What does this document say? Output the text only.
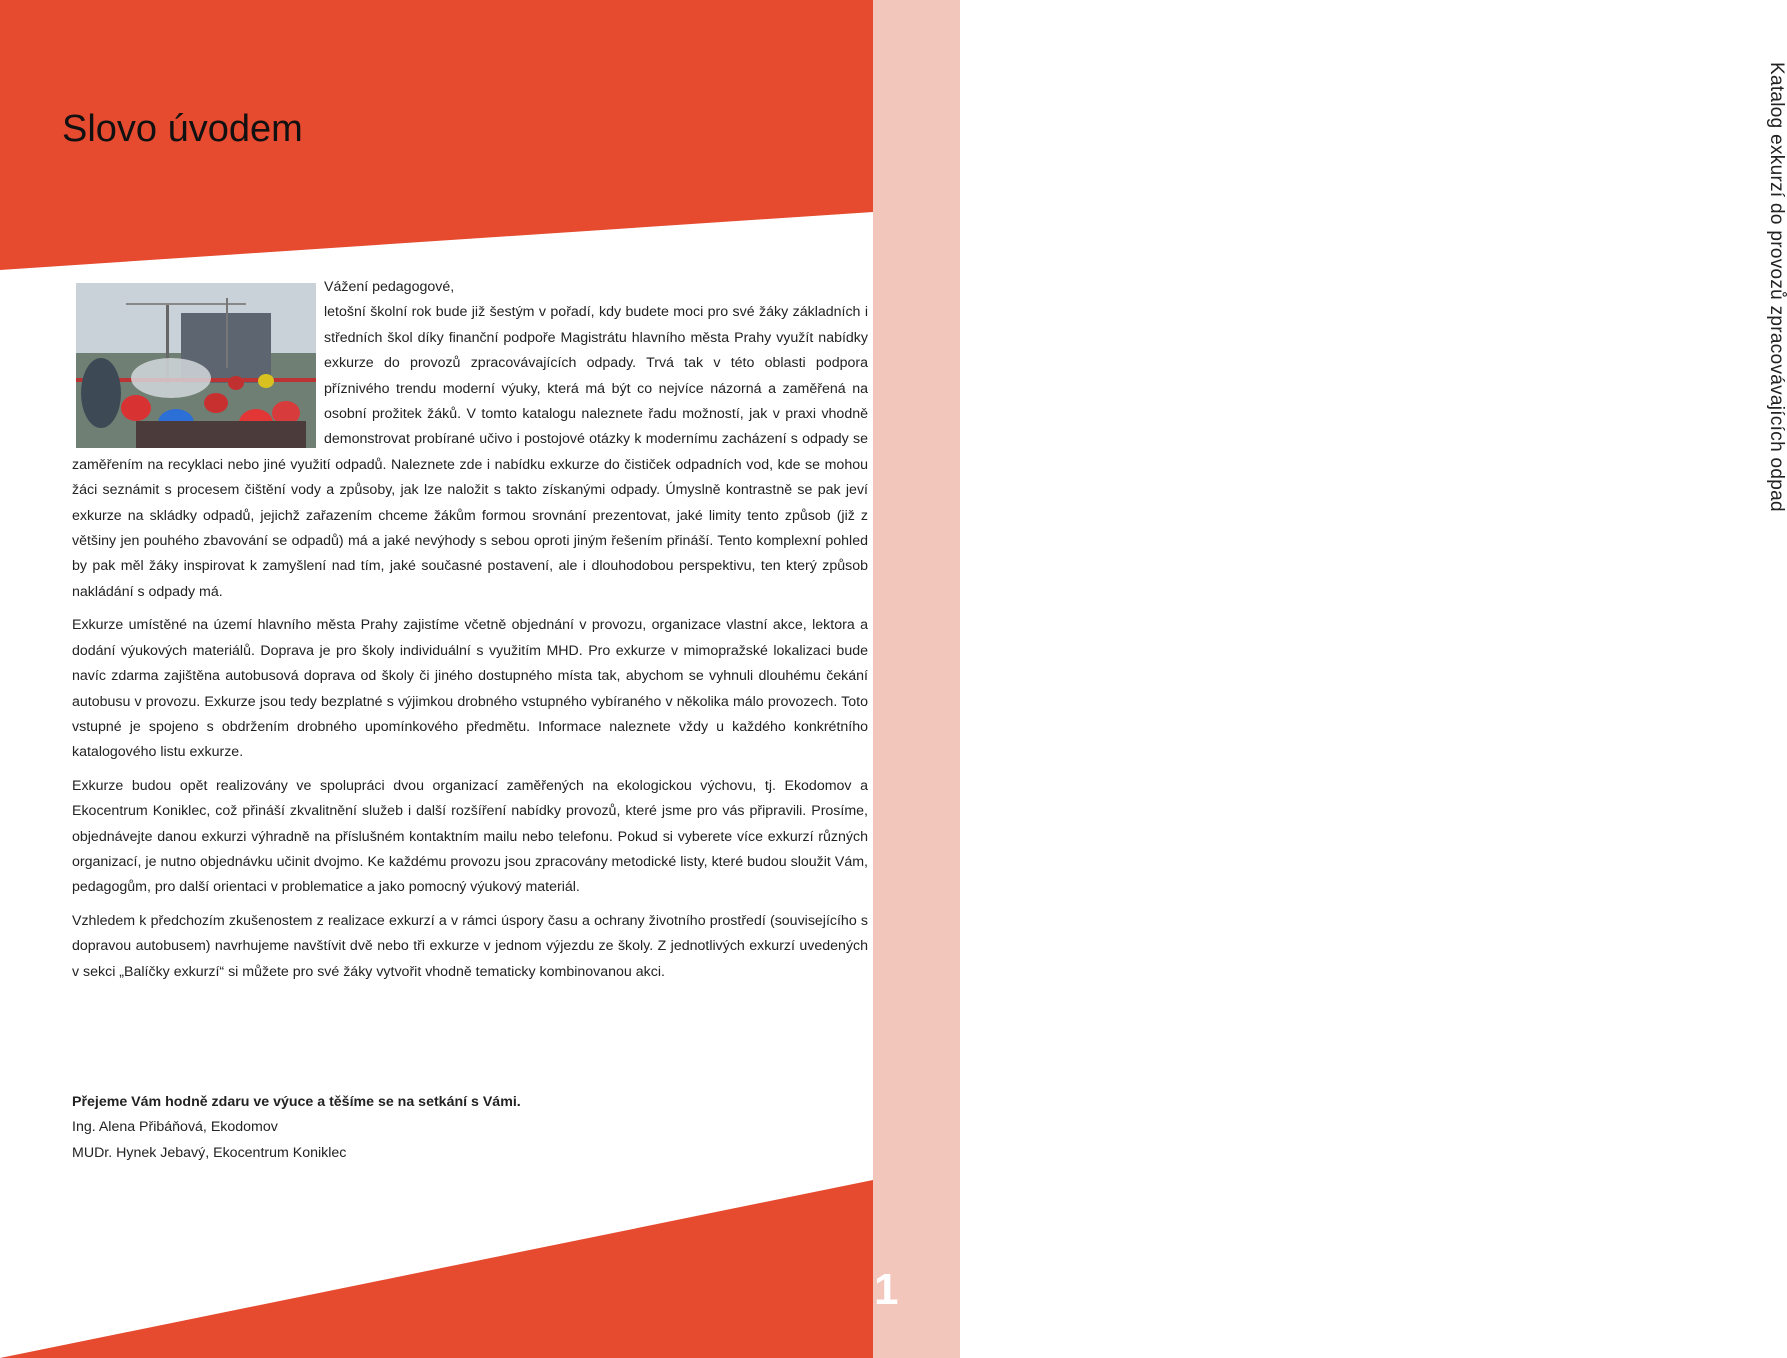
Katalog exkurzí do provozů zpracovávajících odpad
Slovo úvodem

Vážení pedagogové,
letošní školní rok bude již šestým v pořadí, kdy budete moci pro své žáky základních i středních škol díky finanční podpoře Magistrátu hlavního města Prahy využít nabídky exkurze do provozů zpracovávajících odpady. Trvá tak v této oblasti podpora příznivého trendu moderní výuky, která má být co nejvíce názorná a zaměřená na osobní prožitek žáků. V tomto katalogu naleznete řadu možností, jak v praxi vhodně demonstrovat probírané učivo i postojové otázky k modernímu zacházení s odpady se zaměřením na recyklaci nebo jiné využití odpadů. Naleznete zde i nabídku exkurze do čističek odpadních vod, kde se mohou žáci seznámit s procesem čištění vody a způsoby, jak lze naložit s takto získanými odpady. Úmyslně kontrastně se pak jeví exkurze na skládky odpadů, jejichž zařazením chceme žákům formou srovnání prezentovat, jaké limity tento způsob (již z většiny jen pouhého zbavování se odpadů) má a jaké nevýhody s sebou oproti jiným řešením přináší. Tento komplexní pohled by pak měl žáky inspirovat k zamyšlení nad tím, jaké současné postavení, ale i dlouhodobou perspektivu, ten který způsob nakládání s odpady má.

Exkurze umístěné na území hlavního města Prahy zajistíme včetně objednání v provozu, organizace vlastní akce, lektora a dodání výukových materiálů. Doprava je pro školy individuální s využitím MHD. Pro exkurze v mimopražské lokalizaci bude navíc zdarma zajištěna autobusová doprava od školy či jiného dostupného místa tak, abychom se vyhnuli dlouhému čekání autobusu v provozu. Exkurze jsou tedy bezplatné s výjimkou drobného vstupného vybíraného v několika málo provozech. Toto vstupné je spojeno s obdržením drobného upomínkového předmětu. Informace naleznete vždy u každého konkrétního katalogového listu exkurze.

Exkurze budou opět realizovány ve spolupráci dvou organizací zaměřených na ekologickou výchovu, tj. Ekodomov a Ekocentrum Koniklec, což přináší zkvalitnění služeb i další rozšíření nabídky provozů, které jsme pro vás připravili. Prosíme, objednávejte danou exkurzi výhradně na příslušném kontaktním mailu nebo telefonu. Pokud si vyberete více exkurzí různých organizací, je nutno objednávku učinit dvojmo. Ke každému provozu jsou zpracovány metodické listy, které budou sloužit Vám, pedagogům, pro další orientaci v problematice a jako pomocný výukový materiál.

Vzhledem k předchozím zkušenostem z realizace exkurzí a v rámci úspory času a ochrany životního prostředí (souvisejícího s dopravou autobusem) navrhujeme navštívit dvě nebo tři exkurze v jednom výjezdu ze školy. Z jednotlivých exkurzí uvedených v sekci „Balíčky exkurzí“ si můžete pro své žáky vytvořit vhodně tematicky kombinovanou akci.

Přejeme Vám hodně zdaru ve výuce a těšíme se na setkání s Vámi.
Ing. Alena Přibáňová, Ekodomov
MUDr. Hynek Jebavý, Ekocentrum Koniklec
1
